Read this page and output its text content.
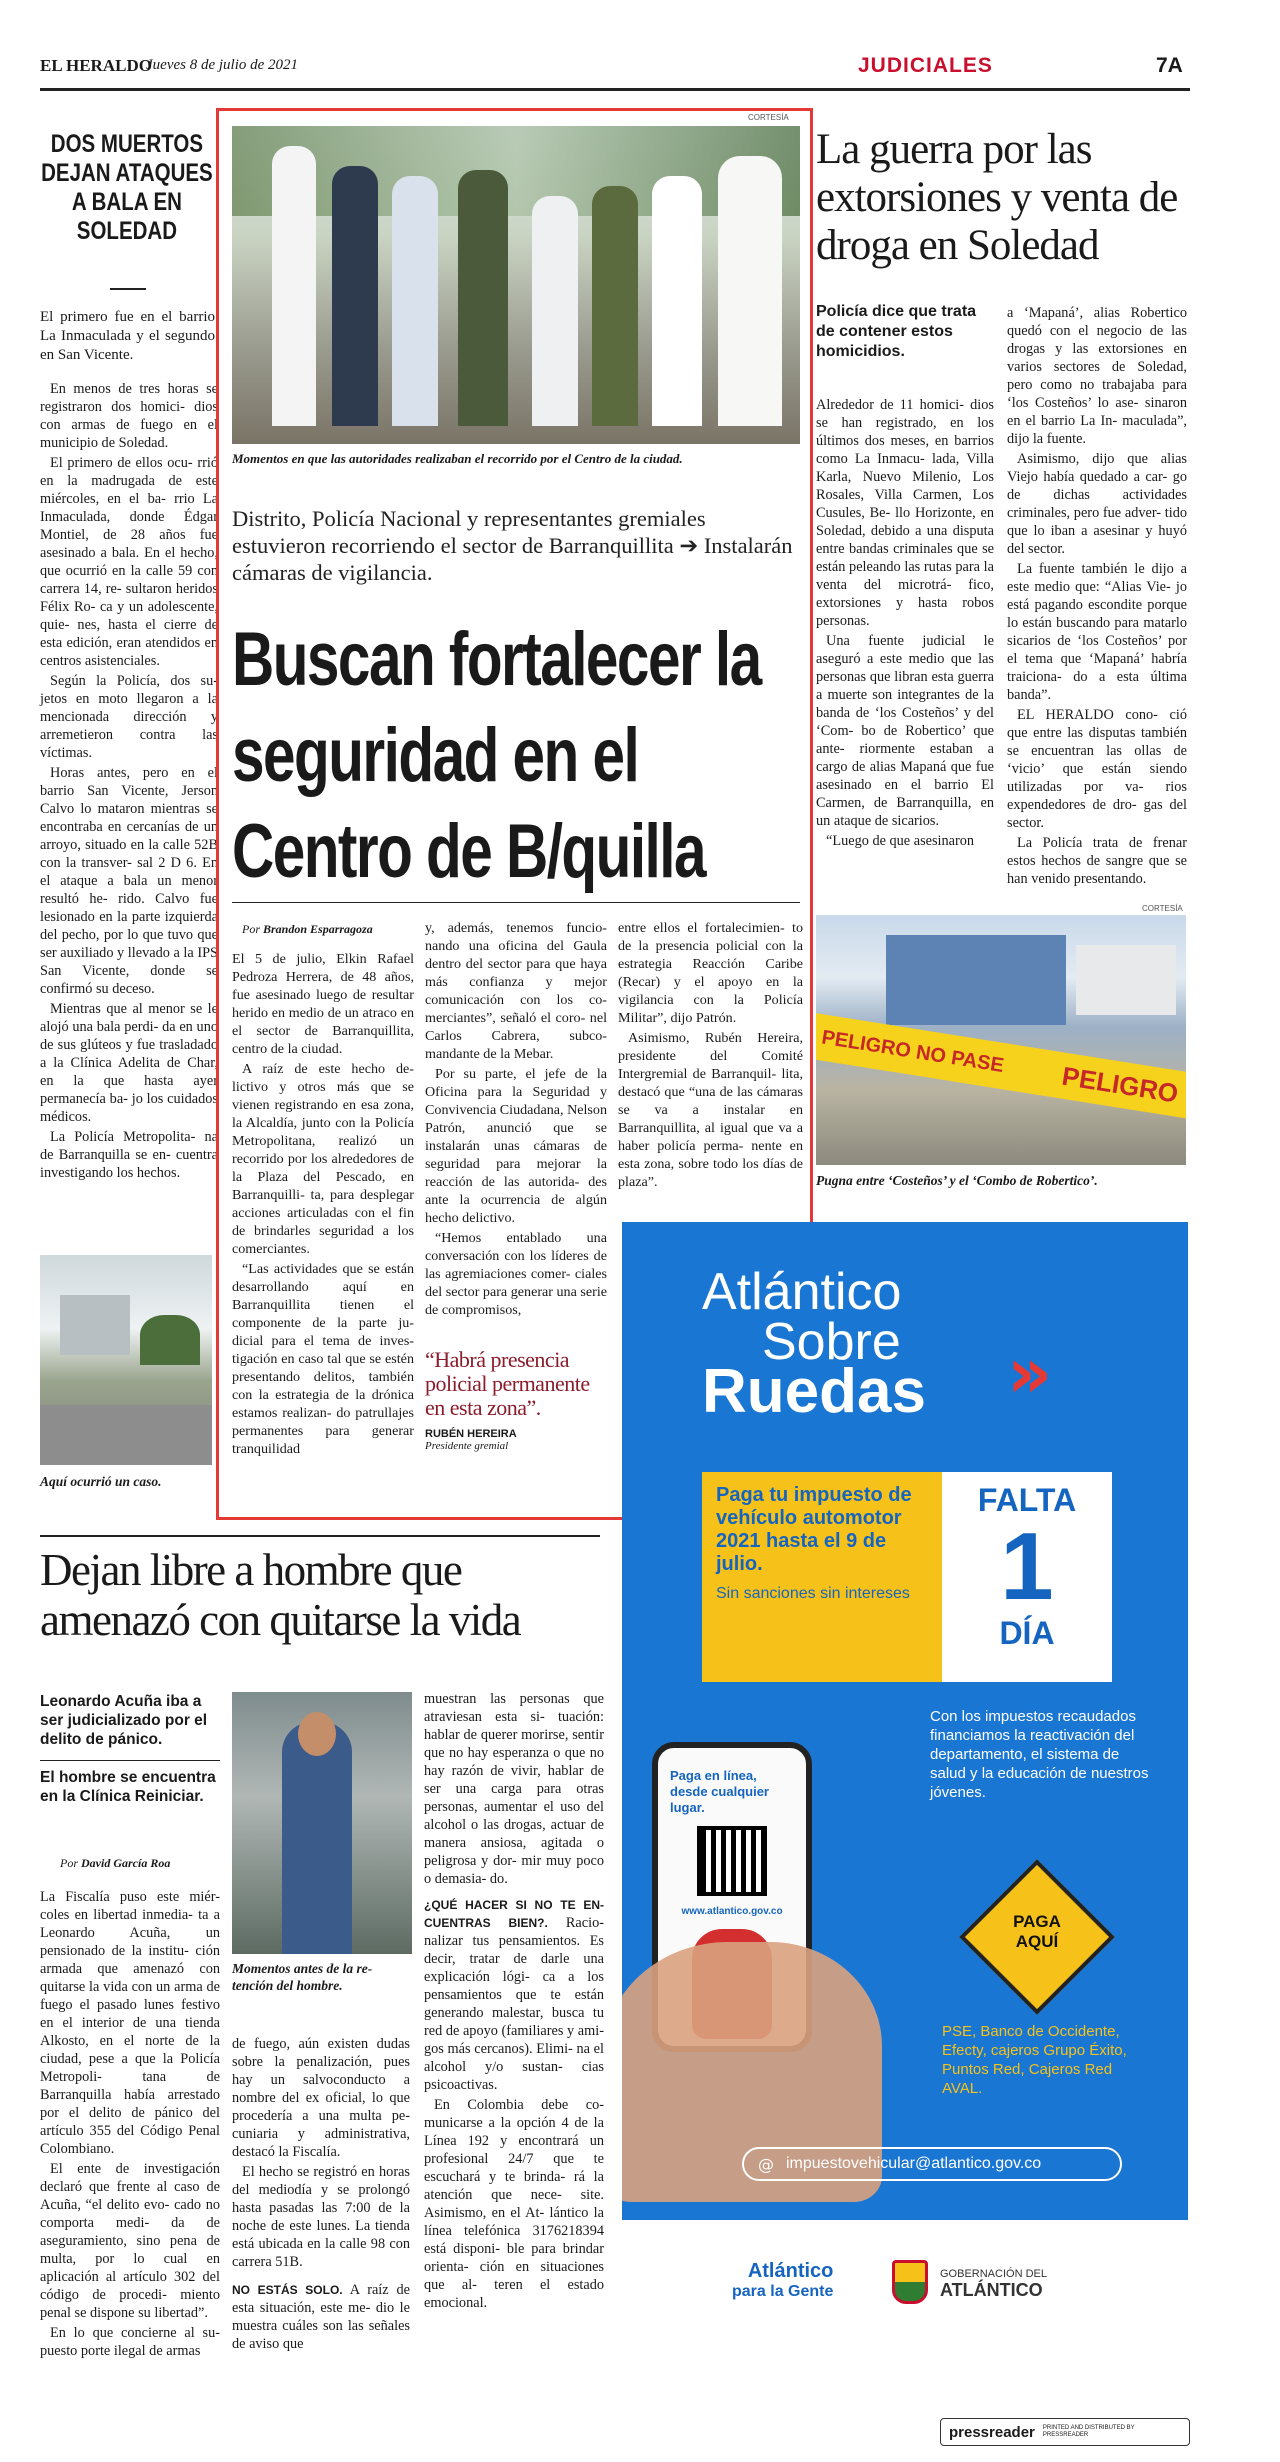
EL HERALDO
Jueves 8 de julio de 2021	JUDICIALES	7A
DOS MUERTOS DEJAN ATAQUES A BALA EN SOLEDAD

El primero fue en el barrio La Inmaculada y el segundo en San Vicente.

En menos de tres horas se registraron dos homici- dios con armas de fuego en el municipio de Soledad.

El primero de ellos ocu- rrió en la madrugada de este miércoles, en el ba- rrio La Inmaculada, donde Édgar Montiel, de 28 años fue asesinado a bala. En el hecho, que ocurrió en la calle 59 con carrera 14, re- sultaron heridos Félix Ro- ca y un adolescente, quie- nes, hasta el cierre de esta edición, eran atendidos en centros asistenciales.

Según la Policía, dos su- jetos en moto llegaron a la mencionada dirección y arremetieron contra las víctimas.

Horas antes, pero en el barrio San Vicente, Jerson Calvo lo mataron mientras se encontraba en cercanías de un arroyo, situado en la calle 52B con la transver- sal 2 D 6. En el ataque a bala un menor resultó he- rido. Calvo fue lesionado en la parte izquierda del pecho, por lo que tuvo que ser auxiliado y llevado a la IPS San Vicente, donde se confirmó su deceso.

Mientras que al menor se le alojó una bala perdi- da en uno de sus glúteos y fue trasladado a la Clínica Adelita de Char, en la que hasta ayer permanecía ba- jo los cuidados médicos.

La Policía Metropolita- na de Barranquilla se en- cuentra investigando los hechos.

Aquí ocurrió un caso.
CORTESÍA
Momentos en que las autoridades realizaban el recorrido por el Centro de la ciudad.
Distrito, Policía Nacional y representantes gremiales estuvieron recorriendo el sector de Barranquillita ➔ Instalarán cámaras de vigilancia.
Buscan fortalecer la seguridad en el Centro de B/quilla
Por Brandon Esparragoza

El 5 de julio, Elkin Rafael Pedroza Herrera, de 48 años, fue asesinado luego de resultar herido en medio de un atraco en el sector de Barranquillita, centro de la ciudad.

A raíz de este hecho de- lictivo y otros más que se vienen registrando en esa zona, la Alcaldía, junto con la Policía Metropolitana, realizó un recorrido por los alrededores de la Plaza del Pescado, en Barranquilli- ta, para desplegar acciones articuladas con el fin de brindarles seguridad a los comerciantes.

“Las actividades que se están desarrollando aquí en Barranquillita tienen el componente de la parte ju- dicial para el tema de inves- tigación en caso tal que se estén presentando delitos, también con la estrategia de la drónica estamos realizan- do patrullajes permanentes para generar tranquilidad

y, además, tenemos funcio- nando una oficina del Gaula dentro del sector para que haya más confianza y mejor comunicación con los co- merciantes”, señaló el coro- nel Carlos Cabrera, subco- mandante de la Mebar.

Por su parte, el jefe de la Oficina para la Seguridad y Convivencia Ciudadana, Nelson Patrón, anunció que se instalarán unas cámaras de seguridad para mejorar la reacción de las autorida- des ante la ocurrencia de algún hecho delictivo.

“Hemos entablado una conversación con los líderes de las agremiaciones comer- ciales del sector para generar una serie de compromisos,

“Habrá presencia policial permanente en esta zona”.
RUBÉN HEREIRA
Presidente gremial

entre ellos el fortalecimien- to de la presencia policial con la estrategia Reacción Caribe (Recar) y el apoyo en la vigilancia con la Policía Militar”, dijo Patrón.

Asimismo, Rubén Hereira, presidente del Comité Intergremial de Barranquil- lita, destacó que “una de las cámaras se va a instalar en Barranquillita, al igual que va a haber policía perma- nente en esta zona, sobre todo los días de plaza”.

La guerra por las extorsiones y venta de droga en Soledad
Policía dice que trata de contener estos homicidios.

Alrededor de 11 homici- dios se han registrado, en los últimos dos meses, en barrios como La Inmacu- lada, Villa Karla, Nuevo Milenio, Los Rosales, Villa Carmen, Los Cusules, Be- llo Horizonte, en Soledad, debido a una disputa entre bandas criminales que se están peleando las rutas para la venta del microtrá- fico, extorsiones y hasta robos personas.

Una fuente judicial le aseguró a este medio que las personas que libran esta guerra a muerte son integrantes de la banda de ‘los Costeños’ y del ‘Com- bo de Robertico’ que ante- riormente estaban a cargo de alias Mapaná que fue asesinado en el barrio El Carmen, de Barranquilla, en un ataque de sicarios.

“Luego de que asesinaron

a ‘Mapaná’, alias Robertico quedó con el negocio de las drogas y las extorsiones en varios sectores de Soledad, pero como no trabajaba para ‘los Costeños’ lo ase- sinaron en el barrio La In- maculada”, dijo la fuente.

Asimismo, dijo que alias Viejo había quedado a car- go de dichas actividades criminales, pero fue adver- tido que lo iban a asesinar y huyó del sector.

La fuente también le dijo a este medio que: “Alias Vie- jo está pagando escondite porque lo están buscando para matarlo sicarios de ‘los Costeños’ por el tema que ‘Mapaná’ habría traiciona- do a esta última banda”.

EL HERALDO cono- ció que entre las disputas también se encuentran las ollas de ‘vicio’ que están siendo utilizadas por va- rios expendedores de dro- gas del sector.

La Policía trata de frenar estos hechos de sangre que se han venido presentando.

CORTESÍA
PELIGRO NO PASE
PELIGRO
Pugna entre ‘Costeños’ y el ‘Combo de Robertico’.
Atlántico
Sobre
Ruedas »
Paga tu impuesto de vehículo automotor 2021 hasta el 9 de julio.
Sin sanciones sin intereses
FALTA
1
DÍA
Con los impuestos recaudados financiamos la reactivación del departamento, el sistema de salud y la educación de nuestros jóvenes.
Paga en línea, desde cualquier lugar.
www.atlantico.gov.co
PAGA
AQUÍ
PSE, Banco de Occidente, Efecty, cajeros Grupo Éxito, Puntos Red, Cajeros Red AVAL.
@ impuestovehicular@atlantico.gov.co
Atlántico
para la Gente
GOBERNACIÓN DEL
ATLÁNTICO
Dejan libre a hombre que amenazó con quitarse la vida
Leonardo Acuña iba a ser judicializado por el delito de pánico.
El hombre se encuentra en la Clínica Reiniciar.
Por David García Roa

La Fiscalía puso este miér- coles en libertad inmedia- ta a Leonardo Acuña, un pensionado de la institu- ción armada que amenazó con quitarse la vida con un arma de fuego el pasado lunes festivo en el interior de una tienda Alkosto, en el norte de la ciudad, pese a que la Policía Metropoli- tana de Barranquilla había arrestado por el delito de pánico del artículo 355 del Código Penal Colombiano.

El ente de investigación declaró que frente al caso de Acuña, “el delito evo- cado no comporta medi- da de aseguramiento, sino pena de multa, por lo cual en aplicación al artículo 302 del código de procedi- miento penal se dispone su libertad”.

En lo que concierne al su- puesto porte ilegal de armas

Momentos antes de la re- tención del hombre.

de fuego, aún existen dudas sobre la penalización, pues hay un salvoconducto a nombre del ex oficial, lo que procedería a una multa pe- cuniaria y administrativa, destacó la Fiscalía.

El hecho se registró en horas del mediodía y se prolongó hasta pasadas las 7:00 de la noche de este lunes. La tienda está ubicada en la calle 98 con carrera 51B.

NO ESTÁS SOLO. A raíz de esta situación, este me- dio le muestra cuáles son las señales de aviso que

muestran las personas que atraviesan esta si- tuación: hablar de querer morirse, sentir que no hay esperanza o que no hay razón de vivir, hablar de ser una carga para otras personas, aumentar el uso del alcohol o las drogas, actuar de manera ansiosa, agitada o peligrosa y dor- mir muy poco o demasia- do.

¿QUÉ HACER SI NO TE EN- CUENTRAS BIEN?. Racio- nalizar tus pensamientos. Es decir, tratar de darle una explicación lógi- ca a los pensamientos que te están generando malestar, busca tu red de apoyo (familiares y ami- gos más cercanos). Elimi- na el alcohol y/o sustan- cias psicoactivas.

En Colombia debe co- municarse a la opción 4 de la Línea 192 y encontrará un profesional 24/7 que te escuchará y te brinda- rá la atención que nece- site. Asimismo, en el At- lántico la línea telefónica 3176218394 está disponi- ble para brindar orienta- ción en situaciones que al- teren el estado emocional.

pressreader PRINTED AND DISTRIBUTED BY PRESSREADER
